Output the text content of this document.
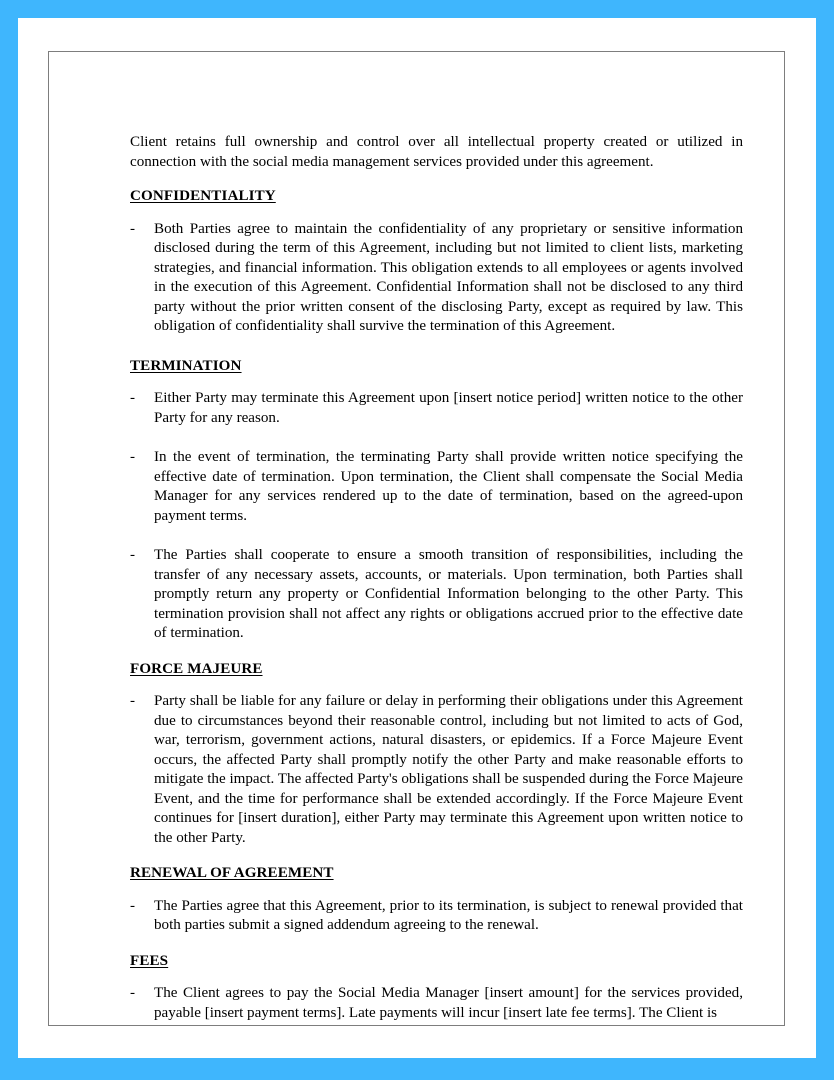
Client retains full ownership and control over all intellectual property created or utilized in connection with the social media management services provided under this agreement.

CONFIDENTIALITY
-	Both Parties agree to maintain the confidentiality of any proprietary or sensitive information disclosed during the term of this Agreement, including but not limited to client lists, marketing strategies, and financial information. This obligation extends to all employees or agents involved in the execution of this Agreement. Confidential Information shall not be disclosed to any third party without the prior written consent of the disclosing Party, except as required by law. This obligation of confidentiality shall survive the termination of this Agreement.
TERMINATION
-	Either Party may terminate this Agreement upon [insert notice period] written notice to the other Party for any reason.
-	In the event of termination, the terminating Party shall provide written notice specifying the effective date of termination. Upon termination, the Client shall compensate the Social Media Manager for any services rendered up to the date of termination, based on the agreed-upon payment terms.
-	The Parties shall cooperate to ensure a smooth transition of responsibilities, including the transfer of any necessary assets, accounts, or materials. Upon termination, both Parties shall promptly return any property or Confidential Information belonging to the other Party. This termination provision shall not affect any rights or obligations accrued prior to the effective date of termination.
FORCE MAJEURE
-	Party shall be liable for any failure or delay in performing their obligations under this Agreement due to circumstances beyond their reasonable control, including but not limited to acts of God, war, terrorism, government actions, natural disasters, or epidemics. If a Force Majeure Event occurs, the affected Party shall promptly notify the other Party and make reasonable efforts to mitigate the impact. The affected Party's obligations shall be suspended during the Force Majeure Event, and the time for performance shall be extended accordingly. If the Force Majeure Event continues for [insert duration], either Party may terminate this Agreement upon written notice to the other Party.
RENEWAL OF AGREEMENT
-	The Parties agree that this Agreement, prior to its termination, is subject to renewal provided that both parties submit a signed addendum agreeing to the renewal.
FEES
-	The Client agrees to pay the Social Media Manager [insert amount] for the services provided, payable [insert payment terms]. Late payments will incur [insert late fee terms]. The Client is
